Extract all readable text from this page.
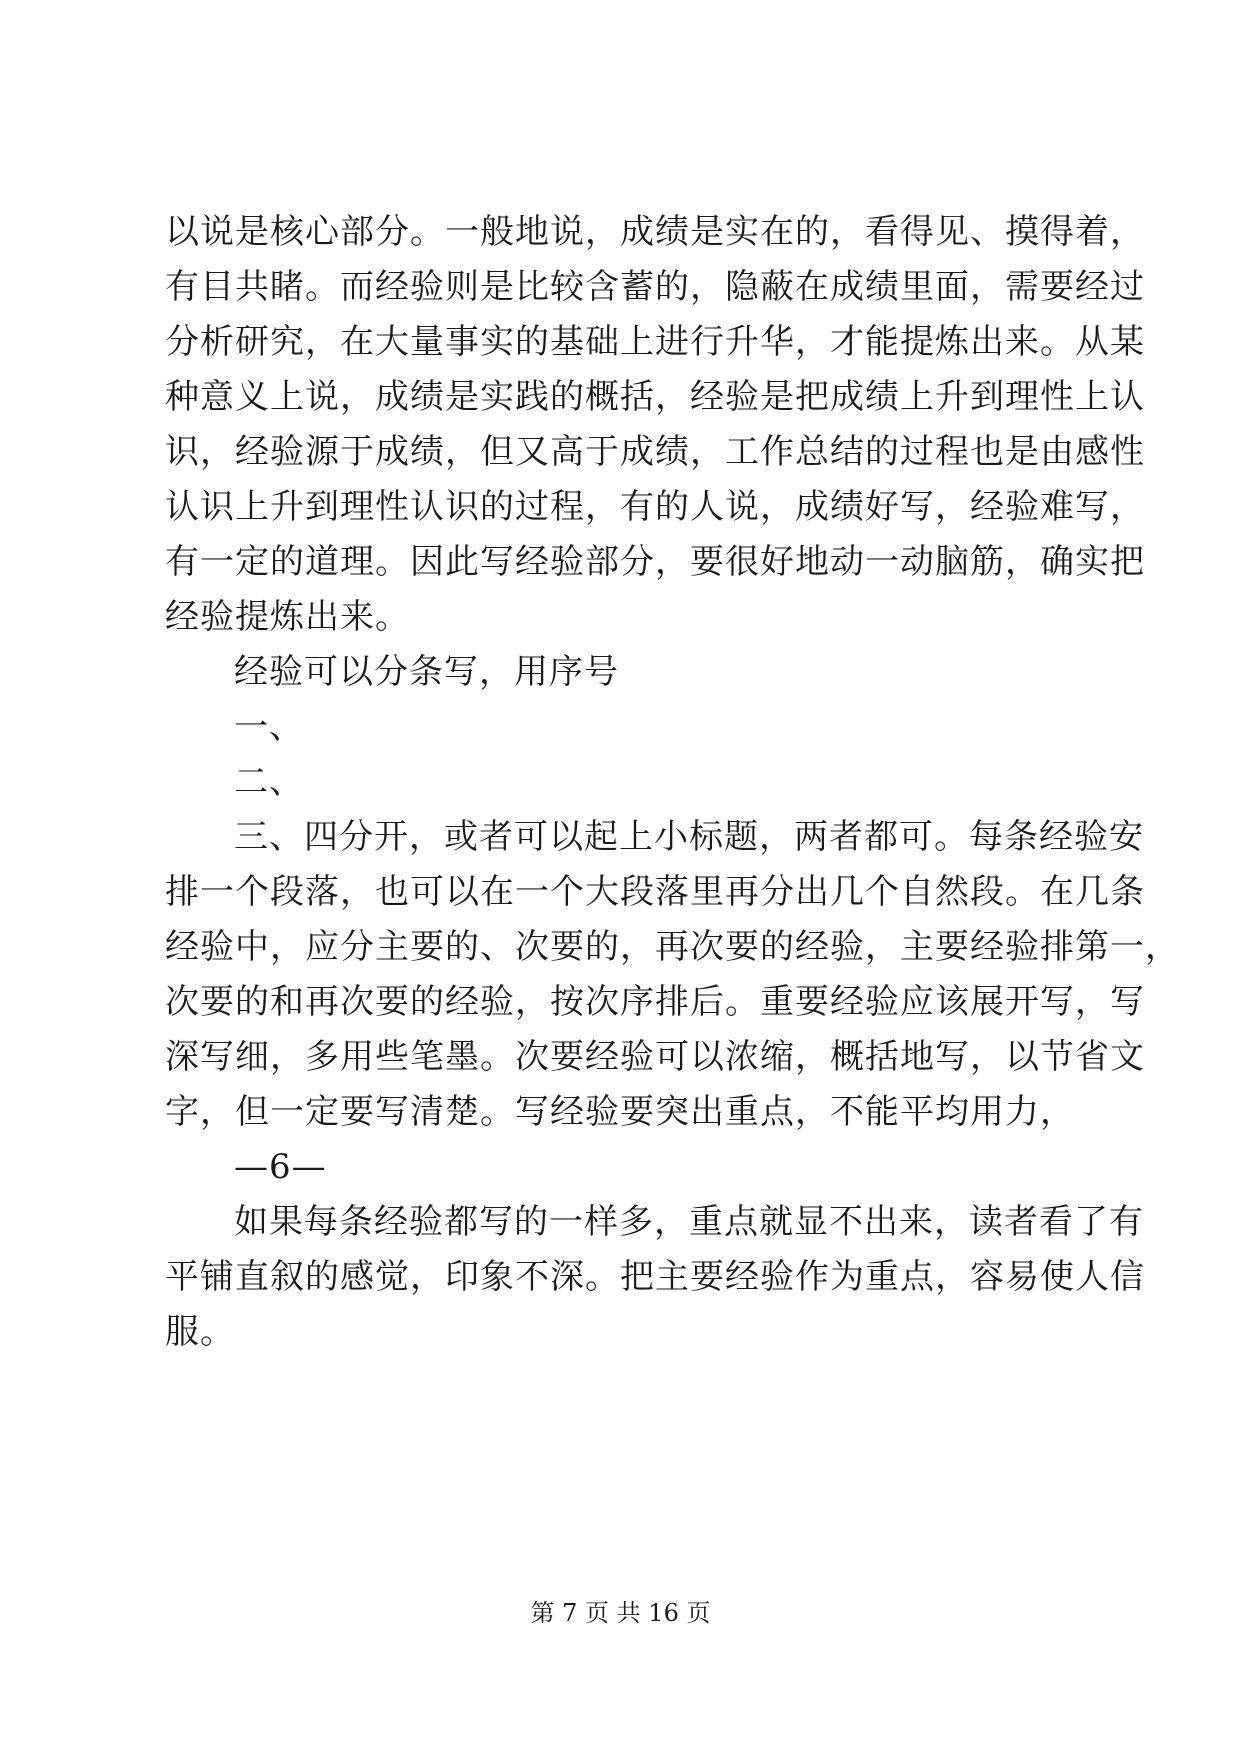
以说是核心部分。一般地说，成绩是实在的，看得见、摸得着，
有目共睹。而经验则是比较含蓄的，隐蔽在成绩里面，需要经过
分析研究，在大量事实的基础上进行升华，才能提炼出来。从某
种意义上说，成绩是实践的概括，经验是把成绩上升到理性上认
识，经验源于成绩，但又高于成绩，工作总结的过程也是由感性
认识上升到理性认识的过程，有的人说，成绩好写，经验难写，
有一定的道理。因此写经验部分，要很好地动一动脑筋，确实把
经验提炼出来。
经验可以分条写，用序号
一、
二、
三、四分开，或者可以起上小标题，两者都可。每条经验安
排一个段落，也可以在一个大段落里再分出几个自然段。在几条
经验中，应分主要的、次要的，再次要的经验，主要经验排第一，
次要的和再次要的经验，按次序排后。重要经验应该展开写，写
深写细，多用些笔墨。次要经验可以浓缩，概括地写，以节省文
字，但一定要写清楚。写经验要突出重点，不能平均用力，
—6—
如果每条经验都写的一样多，重点就显不出来，读者看了有
平铺直叙的感觉，印象不深。把主要经验作为重点，容易使人信
服。
第 7 页 共 16 页
